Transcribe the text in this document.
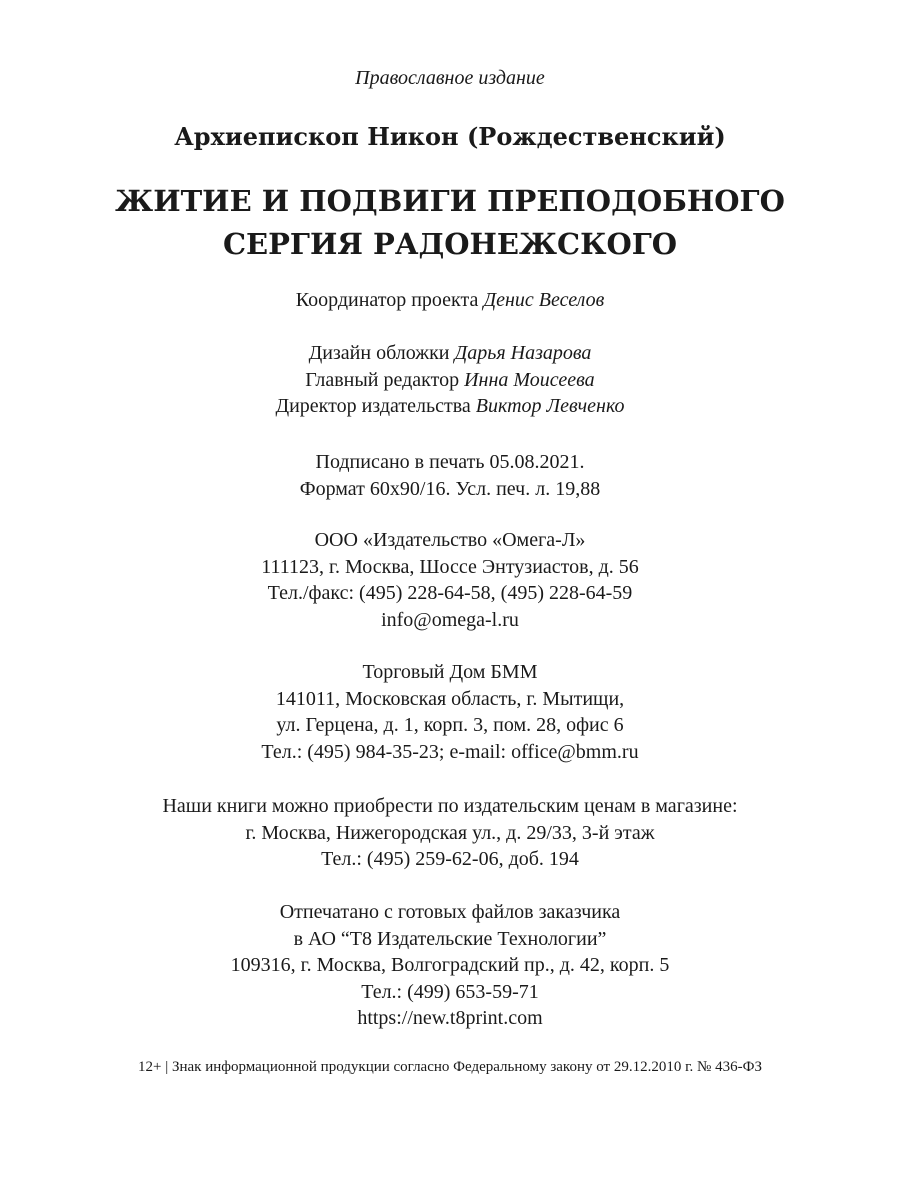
Православное издание
Архиепископ Никон (Рождественский)
ЖИТИЕ И ПОДВИГИ ПРЕПОДОБНОГО
СЕРГИЯ РАДОНЕЖСКОГО
Координатор проекта Денис Веселов
Дизайн обложки Дарья Назарова
Главный редактор Инна Моисеева
Директор издательства Виктор Левченко
Подписано в печать 05.08.2021.
Формат 60х90/16. Усл. печ. л. 19,88
ООО «Издательство «Омега-Л»
111123, г. Москва, Шоссе Энтузиастов, д. 56
Тел./факс: (495) 228-64-58, (495) 228-64-59
info@omega-l.ru
Торговый Дом БММ
141011, Московская область, г. Мытищи,
ул. Герцена, д. 1, корп. 3, пом. 28, офис 6
Тел.: (495) 984-35-23; e-mail: office@bmm.ru
Наши книги можно приобрести по издательским ценам в магазине:
г. Москва, Нижегородская ул., д. 29/33, 3-й этаж
Тел.: (495) 259-62-06, доб. 194
Отпечатано с готовых файлов заказчика
в АО “Т8 Издательские Технологии”
109316, г. Москва, Волгоградский пр., д. 42, корп. 5
Тел.: (499) 653-59-71
https://new.t8print.com
12+ | Знак информационной продукции согласно Федеральному закону от 29.12.2010 г. № 436-ФЗ
